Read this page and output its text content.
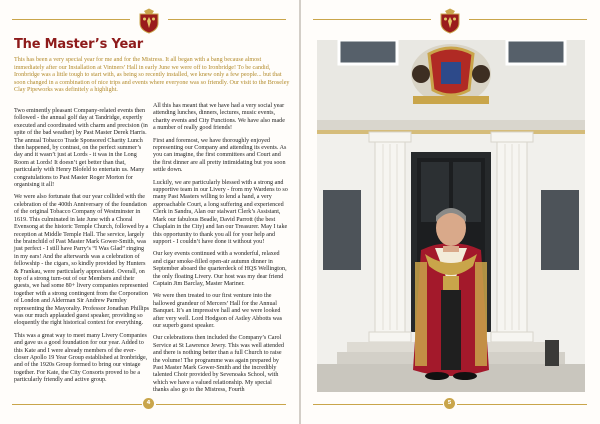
The Master’s Year

This has been a very special year for me and for the Mistress. It all began with a bang because almost immediately after our Installation at Vintners’ Hall in early June we were off to Ironbridge! To be candid, Ironbridge was a little tough to start with, as being so recently installed, we knew only a few people... but that soon changed in a combination of nice trips and events where everyone was so friendly. Our visit to the Broseley Clay Pipeworks was definitely a highlight.

Two eminently pleasant Company-related events then followed - the annual golf day at Tandridge, expertly executed and coordinated with charm and precision (in spite of the bad weather) by Past Master Derek Harris. The annual Tobacco Trade Sponsored Charity Lunch then happened, by contrast, on the perfect summer’s day and it wasn’t just at Lords - it was in the Long Room at Lords! It doesn’t get better than that, particularly with Henry Blofeld to entertain us. Many congratulations to Past Master Roger Morton for organising it all!

We were also fortunate that our year collided with the celebration of the 400th Anniversary of the foundation of the original Tobacco Company of Westminster in 1619. This culminated in late June with a Choral Evensong at the historic Temple Church, followed by a reception at Middle Temple Hall. The service, largely the brainchild of Past Master Mark Gower-Smith, was just perfect - I still have Parry’s “I Was Glad” ringing in my ears! And the afterwards was a celebration of fellowship - the cigars, so kindly provided by Hunters & Frankau, were particularly appreciated. Overall, on top of a strong turn-out of our Members and their guests, we had some 80+ livery companies represented together with a strong contingent from the Corporation of London and Alderman Sir Andrew Parmley representing the Mayoralty. Professor Jonathan Phillips was our much applauded guest speaker, providing so eloquently the right historical context for everything.

This was a great way to meet many Livery Companies and gave us a good foundation for our year. Added to this Kate and I were already members of the ever-closer Apollo 19 Year Group established at Ironbridge, and of the 1920s Group formed to bring our vintage together. For Kate, the City Consorts proved to be a particularly friendly and active group.

All this has meant that we have had a very social year attending lunches, dinners, lectures, music events, charity events and City Functions. We have also made a number of really good friends!

First and foremost, we have thoroughly enjoyed representing our Company and attending its events. As you can imagine, the first committees and Court and the first dinner are all pretty intimidating but you soon settle down.

Luckily, we are particularly blessed with a strong and supportive team in our Livery - from my Wardens to so many Past Masters willing to lend a hand, a very approachable Court, a long suffering and experienced Clerk in Sandra, Alan our stalwart Clerk’s Assistant, Mark our fabulous Beadle, David Parrott (the best Chaplain in the City) and Ian our Treasurer. May I take this opportunity to thank you all for your help and support - I couldn’t have done it without you!

Our key events continued with a wonderful, relaxed and cigar smoke-filled open-air autumn dinner in September aboard the quarterdeck of HQS Wellington, the only floating Livery. Our host was my dear friend Captain Jim Barclay, Master Mariner.

We were then treated to our first venture into the hallowed grandeur of Mercers’ Hall for the Annual Banquet. It’s an impressive hall and we were looked after very well. Lord Hodgson of Astley Abbotts was our superb guest speaker.

Our celebrations then included the Company’s Carol Service at St Lawrence Jewry. This was well attended and there is nothing better than a full Church to raise the volume! The programme was again prepared by Past Master Mark Gower-Smith and the incredibly talented Choir provided by Sevenoaks School, with which we have a valued relationship. My special thanks also go to the Mistress, Fourth

4	5
